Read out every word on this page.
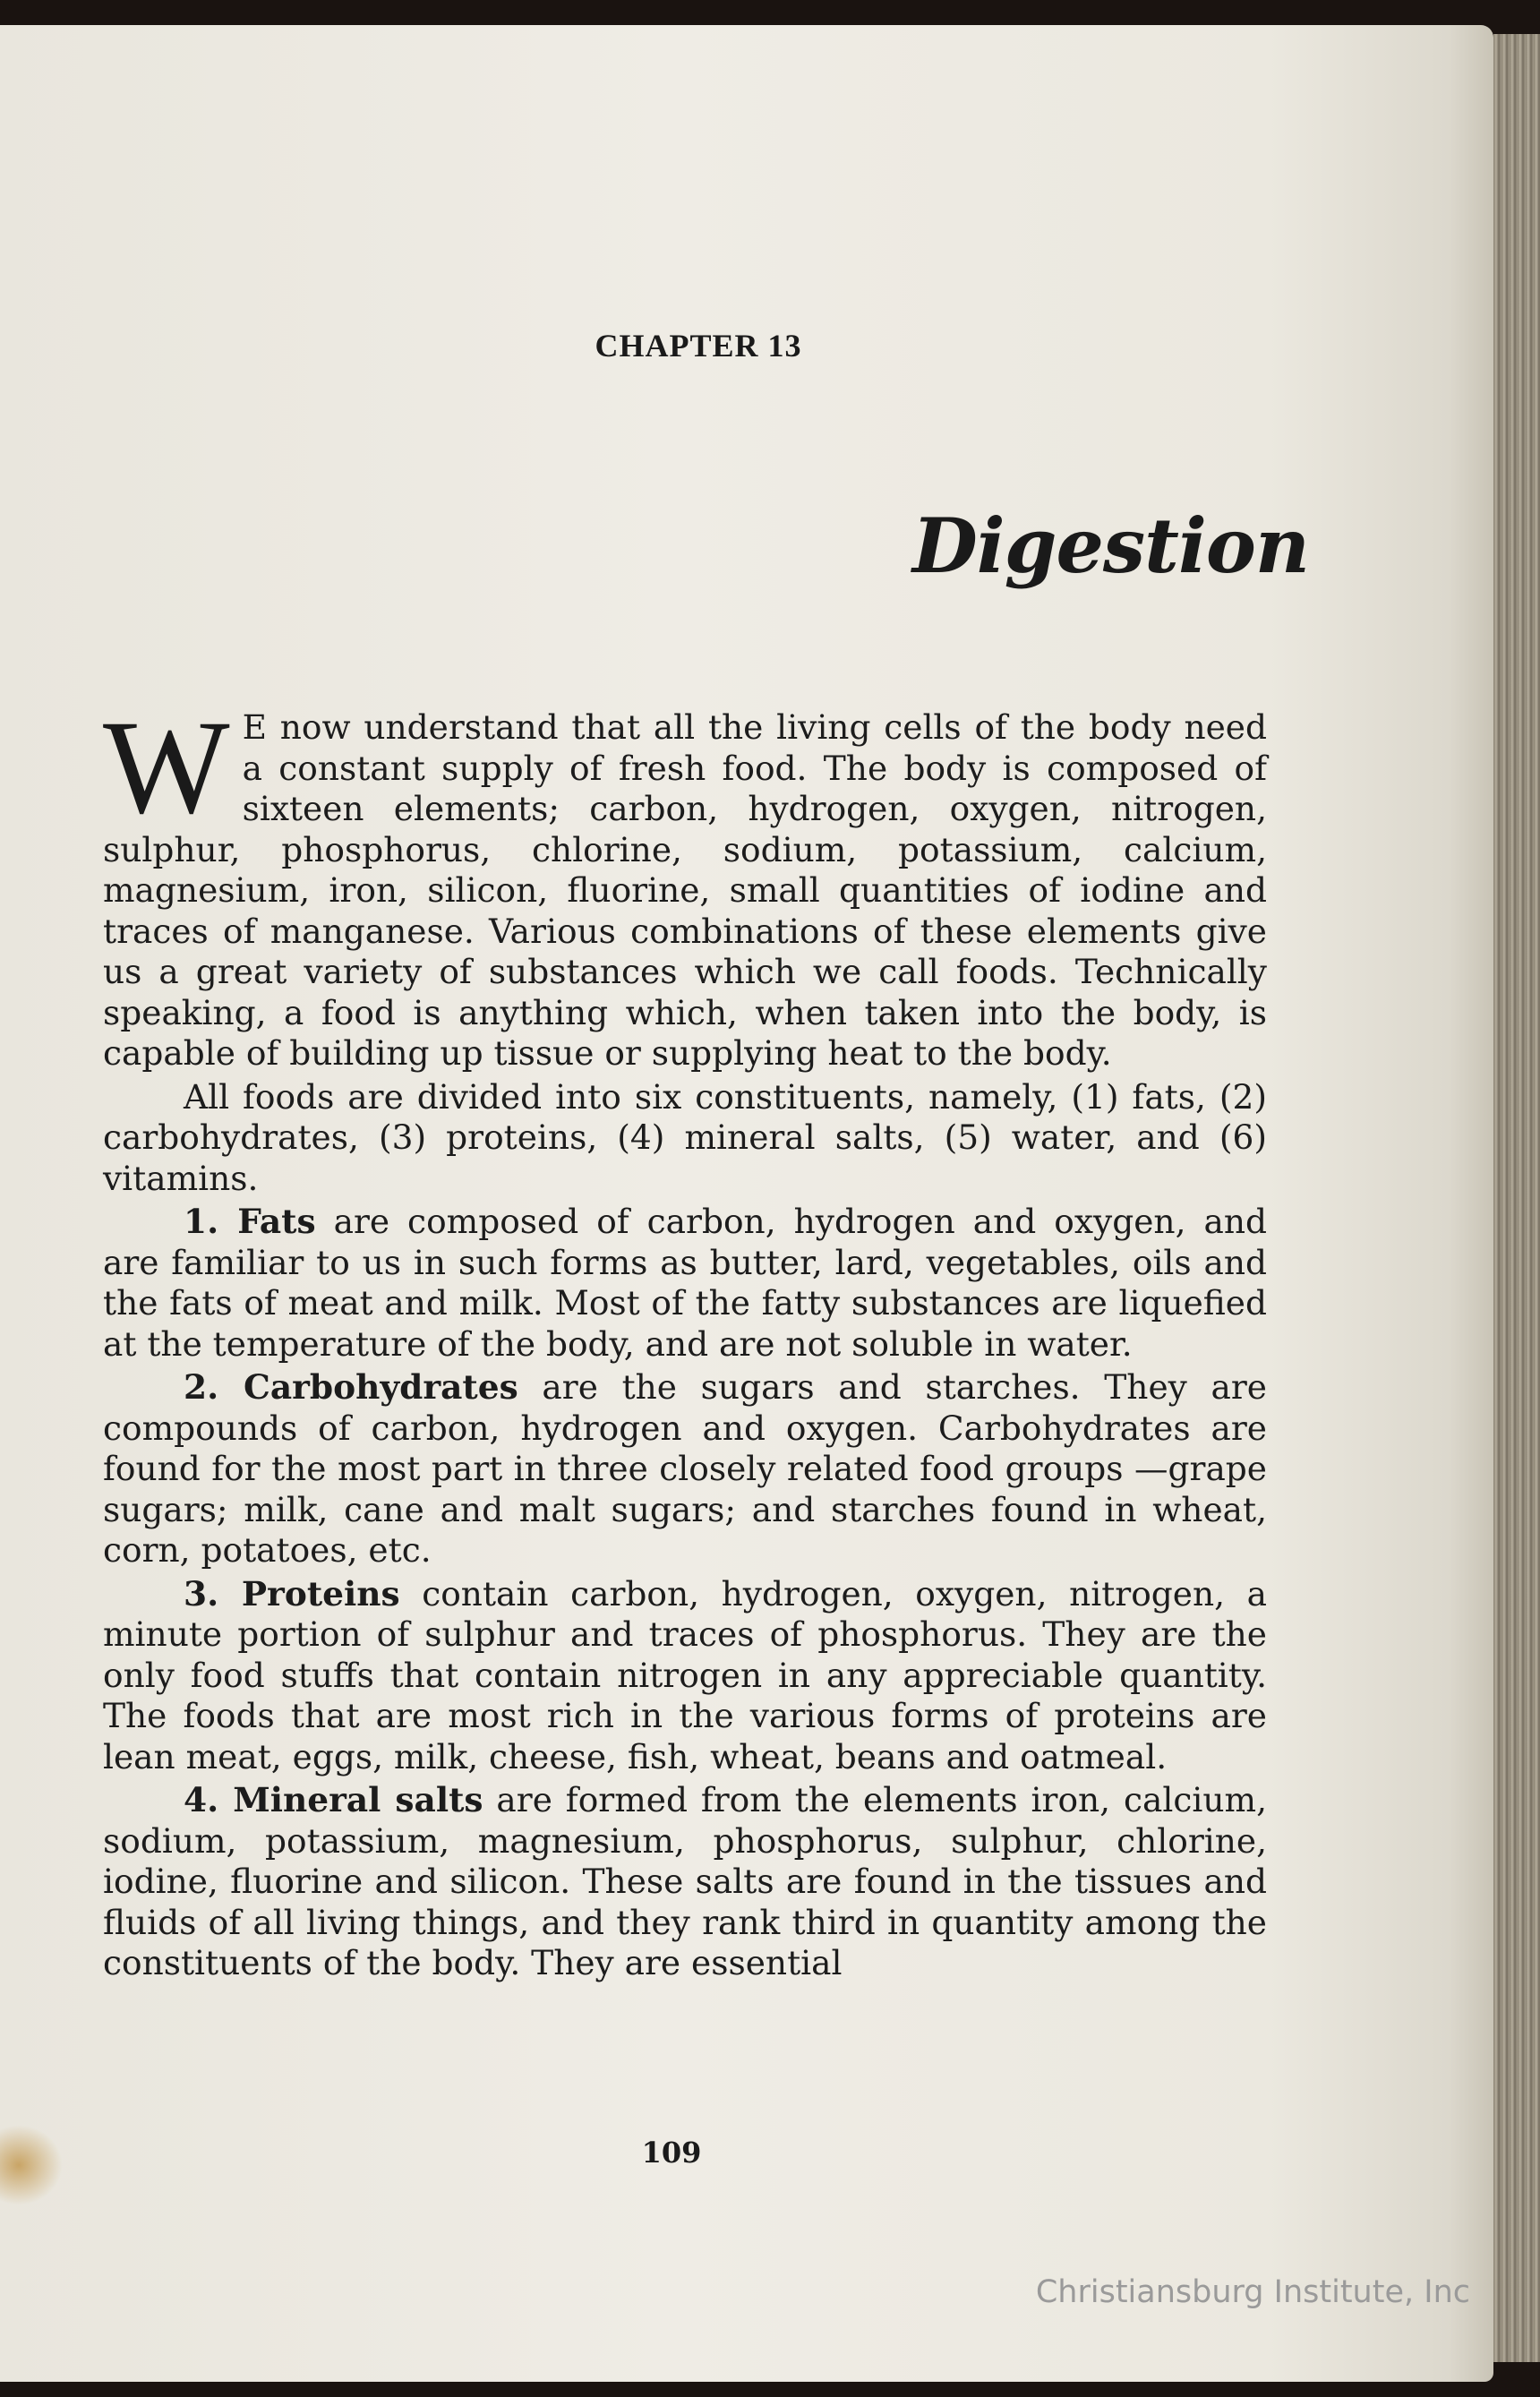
CHAPTER 13
Digestion

W E now understand that all the living cells of the body need a constant supply of fresh food. The body is composed of sixteen elements; carbon, hydrogen, oxygen, nitrogen, sulphur, phosphorus, chlorine, sodium, potassium, calcium, magnesium, iron, silicon, fluorine, small quantities of iodine and traces of manganese. Various combinations of these elements give us a great variety of substances which we call foods. Technically speaking, a food is anything which, when taken into the body, is capable of building up tissue or supplying heat to the body.

All foods are divided into six constituents, namely, (1) fats, (2) carbohydrates, (3) proteins, (4) mineral salts, (5) water, and (6) vitamins.

1. Fats are composed of carbon, hydrogen and oxygen, and are familiar to us in such forms as butter, lard, vegetables, oils and the fats of meat and milk. Most of the fatty substances are liquefied at the temperature of the body, and are not soluble in water.

2. Carbohydrates are the sugars and starches. They are compounds of carbon, hydrogen and oxygen. Carbohydrates are found for the most part in three closely related food groups —grape sugars; milk, cane and malt sugars; and starches found in wheat, corn, potatoes, etc.

3. Proteins contain carbon, hydrogen, oxygen, nitrogen, a minute portion of sulphur and traces of phosphorus. They are the only food stuffs that contain nitrogen in any appreciable quantity. The foods that are most rich in the various forms of proteins are lean meat, eggs, milk, cheese, fish, wheat, beans and oatmeal.

4. Mineral salts are formed from the elements iron, calcium, sodium, potassium, magnesium, phosphorus, sulphur, chlorine, iodine, fluorine and silicon. These salts are found in the tissues and fluids of all living things, and they rank third in quantity among the constituents of the body. They are essential

109
Christiansburg Institute, Inc
